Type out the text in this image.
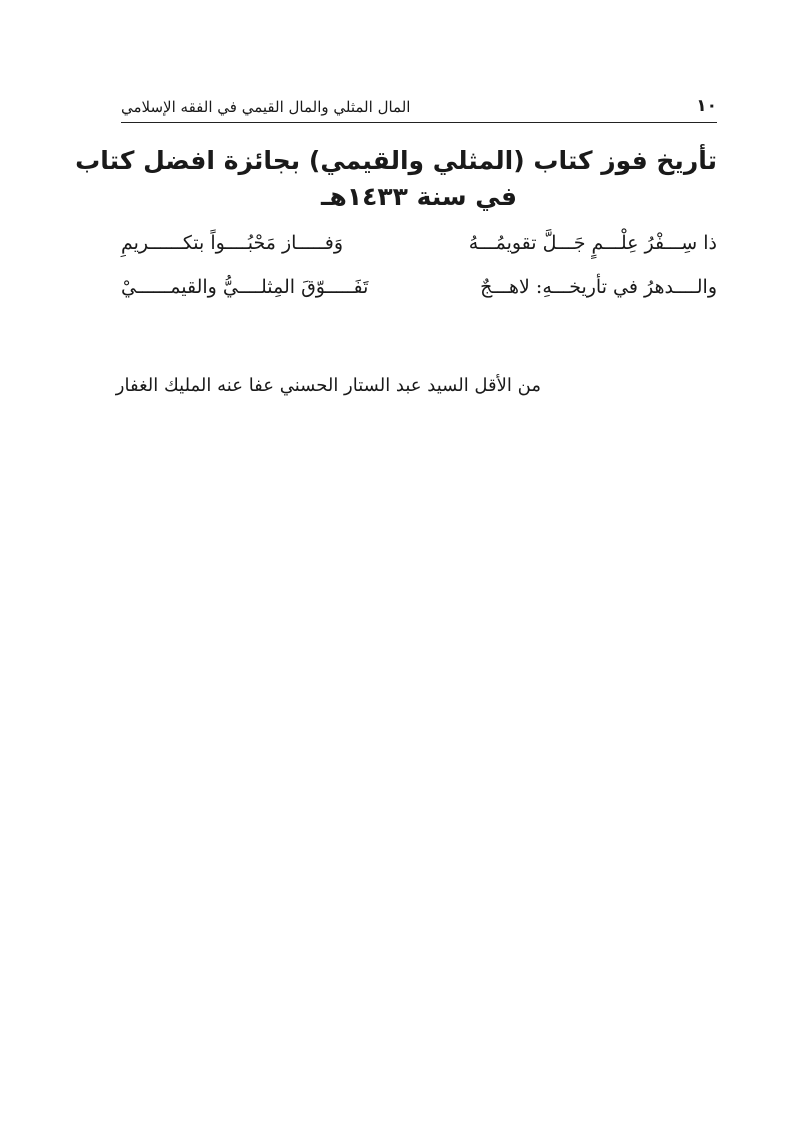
١٠
المال المثلي والمال القيمي في الفقه الإسلامي
تأريخ فوز كتاب (المثلي والقيمي) بجائزة افضل كتاب
في سنة ١٤٣٣هـ
ذا سِـــفْرُ عِلْـــمٍ جَـــلَّ تقويمُـــهُ
وَفـــــاز مَحْبُــــواً بتكــــــريمِ
والــــدهرُ في تأريخـــهِ: لاهـــجٌ
تَفَـــــوّقَ المِثلــــيُّ والقيمــــــيْ
من الأقل السيد عبد الستار الحسني عفا عنه المليك الغفار
